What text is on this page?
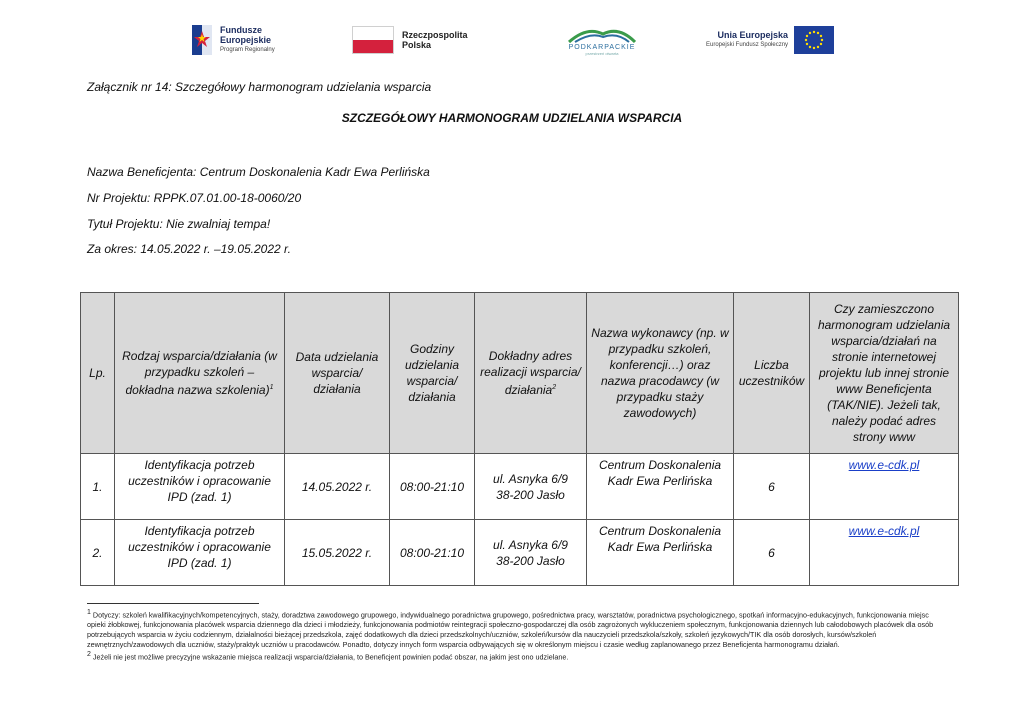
Fundusze
Europejskie
Program Regionalny
Rzeczpospolita
Polska	PODKARPACKIE
przestrzeń otwarta
Unia Europejska
Europejski Fundusz Społeczny
Załącznik nr 14: Szczegółowy harmonogram udzielania wsparcia
SZCZEGÓŁOWY HARMONOGRAM UDZIELANIA WSPARCIA
Nazwa Beneficjenta: Centrum Doskonalenia Kadr Ewa Perlińska
Nr Projektu: RPPK.07.01.00-18-0060/20
Tytuł Projektu: Nie zwalniaj tempa!
Za okres: 14.05.2022 r. –19.05.2022 r.
Lp.	Rodzaj wsparcia/działania (w przypadku szkoleń – dokładna nazwa szkolenia)$^1$	Data udzielania wsparcia/ działania	Godziny udzielania wsparcia/ działania	Dokładny adres realizacji wsparcia/ działania$^2$	Nazwa wykonawcy (np. w przypadku szkoleń, konferencji…) oraz nazwa pracodawcy (w przypadku staży zawodowych)	Liczba uczestników	Czy zamieszczono harmonogram udzielania wsparcia/działań na stronie internetowej projektu lub innej stronie www Beneficjenta (TAK/NIE). Jeżeli tak, należy podać adres strony www
1.	Identyfikacja potrzeb uczestników i opracowanie IPD (zad. 1)	14.05.2022 r.	08:00-21:10	ul. Asnyka 6/9
38-200 Jasło	Centrum Doskonalenia Kadr Ewa Perlińska	6	www.e-cdk.pl
2.	Identyfikacja potrzeb uczestników i opracowanie IPD (zad. 1)	15.05.2022 r.	08:00-21:10	ul. Asnyka 6/9
38-200 Jasło	Centrum Doskonalenia Kadr Ewa Perlińska	6	www.e-cdk.pl

$^1$ Dotyczy: szkoleń kwalifikacyjnych/kompetencyjnych, staży, doradztwa zawodowego grupowego, indywidualnego poradnictwa grupowego, pośrednictwa pracy, warsztatów, poradnictwa psychologicznego, spotkań informacyjno-edukacyjnych, funkcjonowania miejsc opieki żłobkowej, funkcjonowania placówek wsparcia dziennego dla dzieci i młodzieży, funkcjonowania podmiotów reintegracji społeczno-gospodarczej dla osób zagrożonych wykluczeniem społecznym, funkcjonowania dziennych lub całodobowych placówek dla osób potrzebujących wsparcia w życiu codziennym, działalności bieżącej przedszkola, zajęć dodatkowych dla dzieci przedszkolnych/uczniów, szkoleń/kursów dla nauczycieli przedszkola/szkoły, szkoleń językowych/TIK dla osób dorosłych, kursów/szkoleń zewnętrznych/zawodowych dla uczniów, staży/praktyk uczniów u pracodawców. Ponadto, dotyczy innych form wsparcia odbywających się w określonym miejscu i czasie według zaplanowanego przez Beneficjenta harmonogramu działań.

$^2$ Jeżeli nie jest możliwe precyzyjne wskazanie miejsca realizacji wsparcia/działania, to Beneficjent powinien podać obszar, na jakim jest ono udzielane.
